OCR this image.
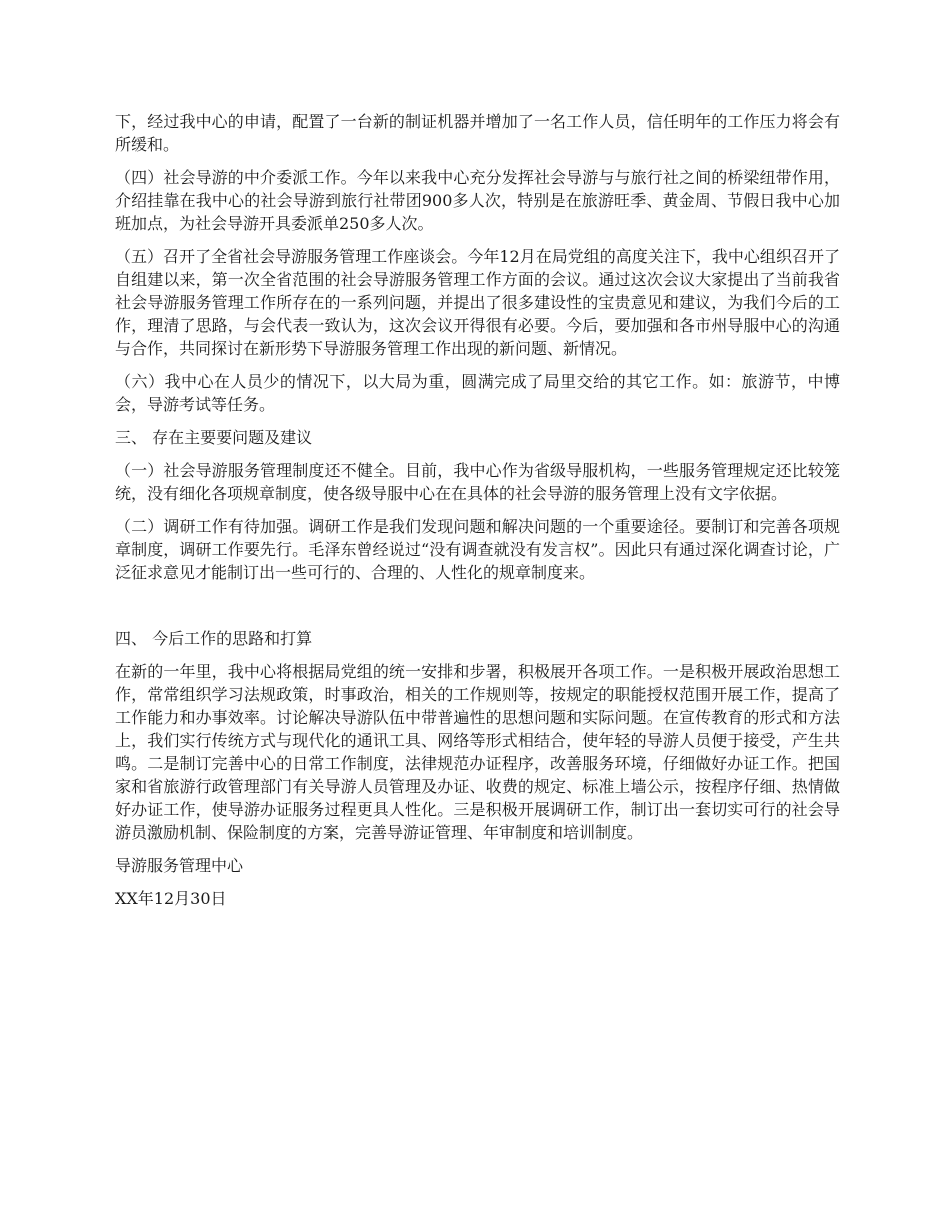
下，经过我中心的申请，配置了一台新的制证机器并增加了一名工作人员，信任明年的工作压力将会有所缓和。

（四）社会导游的中介委派工作。今年以来我中心充分发挥社会导游与与旅行社之间的桥梁纽带作用，介绍挂靠在我中心的社会导游到旅行社带团900多人次，特别是在旅游旺季、黄金周、节假日我中心加班加点，为社会导游开具委派单250多人次。

（五）召开了全省社会导游服务管理工作座谈会。今年12月在局党组的高度关注下，我中心组织召开了自组建以来，第一次全省范围的社会导游服务管理工作方面的会议。通过这次会议大家提出了当前我省社会导游服务管理工作所存在的一系列问题，并提出了很多建设性的宝贵意见和建议，为我们今后的工作，理清了思路，与会代表一致认为，这次会议开得很有必要。今后，要加强和各市州导服中心的沟通与合作，共同探讨在新形势下导游服务管理工作出现的新问题、新情况。

（六）我中心在人员少的情况下，以大局为重，圆满完成了局里交给的其它工作。如：旅游节，中博会，导游考试等任务。

三、 存在主要要问题及建议

（一）社会导游服务管理制度还不健全。目前，我中心作为省级导服机构，一些服务管理规定还比较笼统，没有细化各项规章制度，使各级导服中心在在具体的社会导游的服务管理上没有文字依据。

（二）调研工作有待加强。调研工作是我们发现问题和解决问题的一个重要途径。要制订和完善各项规章制度，调研工作要先行。毛泽东曾经说过“没有调查就没有发言权”。因此只有通过深化调查讨论，广泛征求意见才能制订出一些可行的、合理的、人性化的规章制度来。

四、 今后工作的思路和打算

在新的一年里，我中心将根据局党组的统一安排和步署，积极展开各项工作。一是积极开展政治思想工作，常常组织学习法规政策，时事政治，相关的工作规则等，按规定的职能授权范围开展工作，提高了工作能力和办事效率。讨论解决导游队伍中带普遍性的思想问题和实际问题。在宣传教育的形式和方法上，我们实行传统方式与现代化的通讯工具、网络等形式相结合，使年轻的导游人员便于接受，产生共鸣。二是制订完善中心的日常工作制度，法律规范办证程序，改善服务环境，仔细做好办证工作。把国家和省旅游行政管理部门有关导游人员管理及办证、收费的规定、标准上墙公示，按程序仔细、热情做好办证工作，使导游办证服务过程更具人性化。三是积极开展调研工作，制订出一套切实可行的社会导游员激励机制、保险制度的方案，完善导游证管理、年审制度和培训制度。

导游服务管理中心

XX年12月30日
